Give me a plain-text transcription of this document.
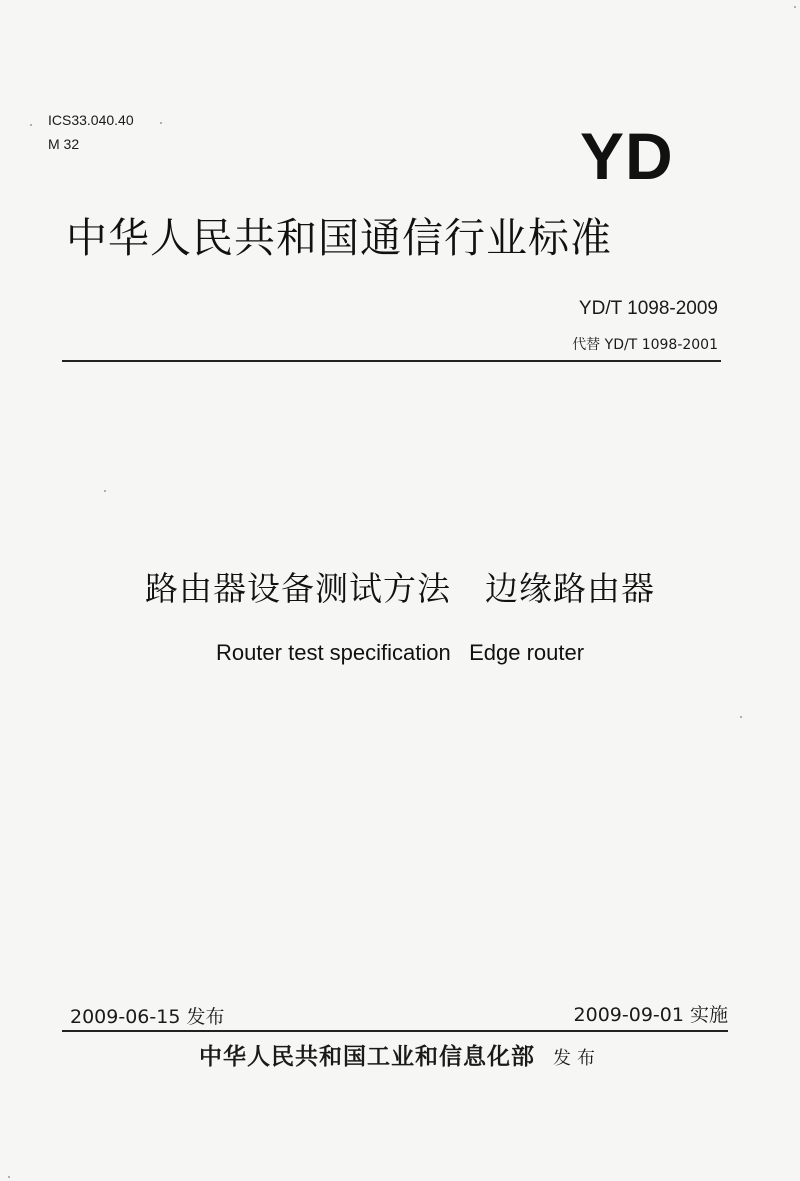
ICS33.040.40
M 32	YD
中华人民共和国通信行业标准
YD/T 1098-2009
代替 YD/T 1098-2001
路由器设备测试方法　边缘路由器
Router test specification   Edge router
2009-06-15 发布	2009-09-01 实施
中华人民共和国工业和信息化部 发布
